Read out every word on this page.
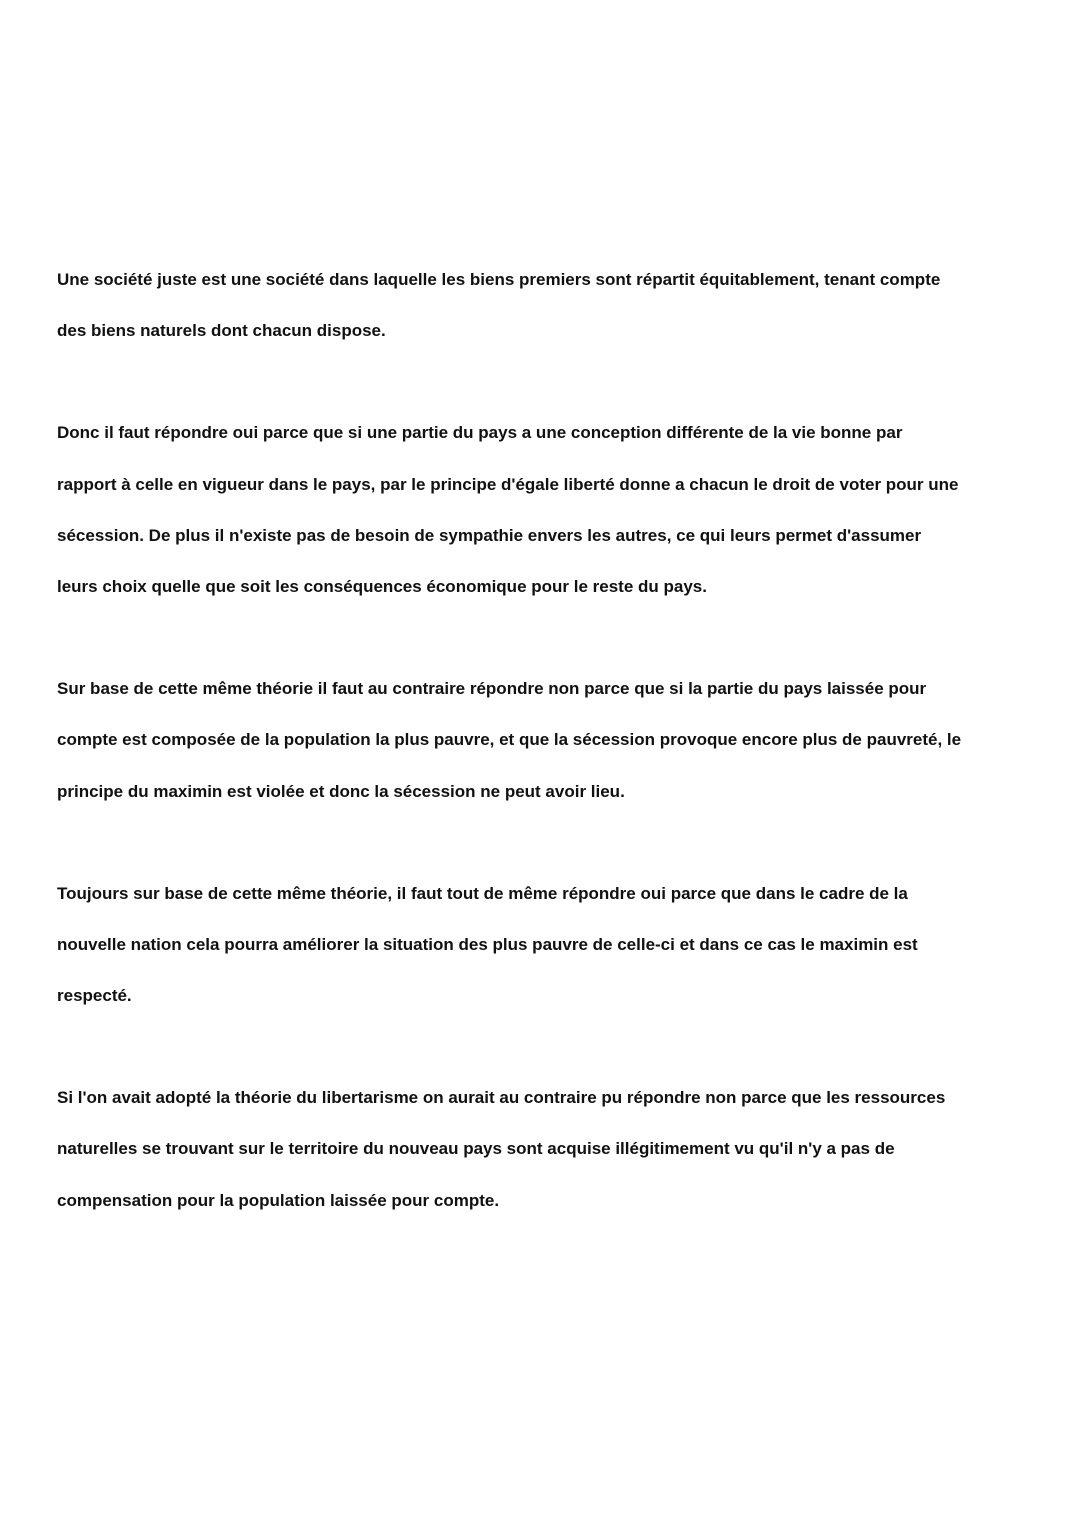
Une société juste est une société dans laquelle les biens premiers sont répartit équitablement, tenant compte
des biens naturels dont chacun dispose.

Donc il faut répondre oui parce que si une partie du pays a une conception différente de la vie bonne par
rapport à celle en vigueur dans le pays, par le principe d'égale liberté donne a chacun le droit de voter pour une
sécession. De plus il n'existe pas de besoin de sympathie envers les autres, ce qui leurs permet d'assumer
leurs choix quelle que soit les conséquences économique pour le reste du pays.

Sur base de cette même théorie il faut au contraire répondre non parce que si la partie du pays laissée pour
compte est composée de la population la plus pauvre, et que la sécession provoque encore plus de pauvreté, le
principe du maximin est violée et donc la sécession ne peut avoir lieu.

Toujours sur base de cette même théorie, il faut tout de même répondre oui parce que dans le cadre de la
nouvelle nation cela pourra améliorer la situation des plus pauvre de celle-ci et dans ce cas le maximin est
respecté.

Si l'on avait adopté la théorie du libertarisme on aurait au contraire pu répondre non parce que les ressources
naturelles se trouvant sur le territoire du nouveau pays sont acquise illégitimement vu qu'il n'y a pas de
compensation pour la population laissée pour compte.
